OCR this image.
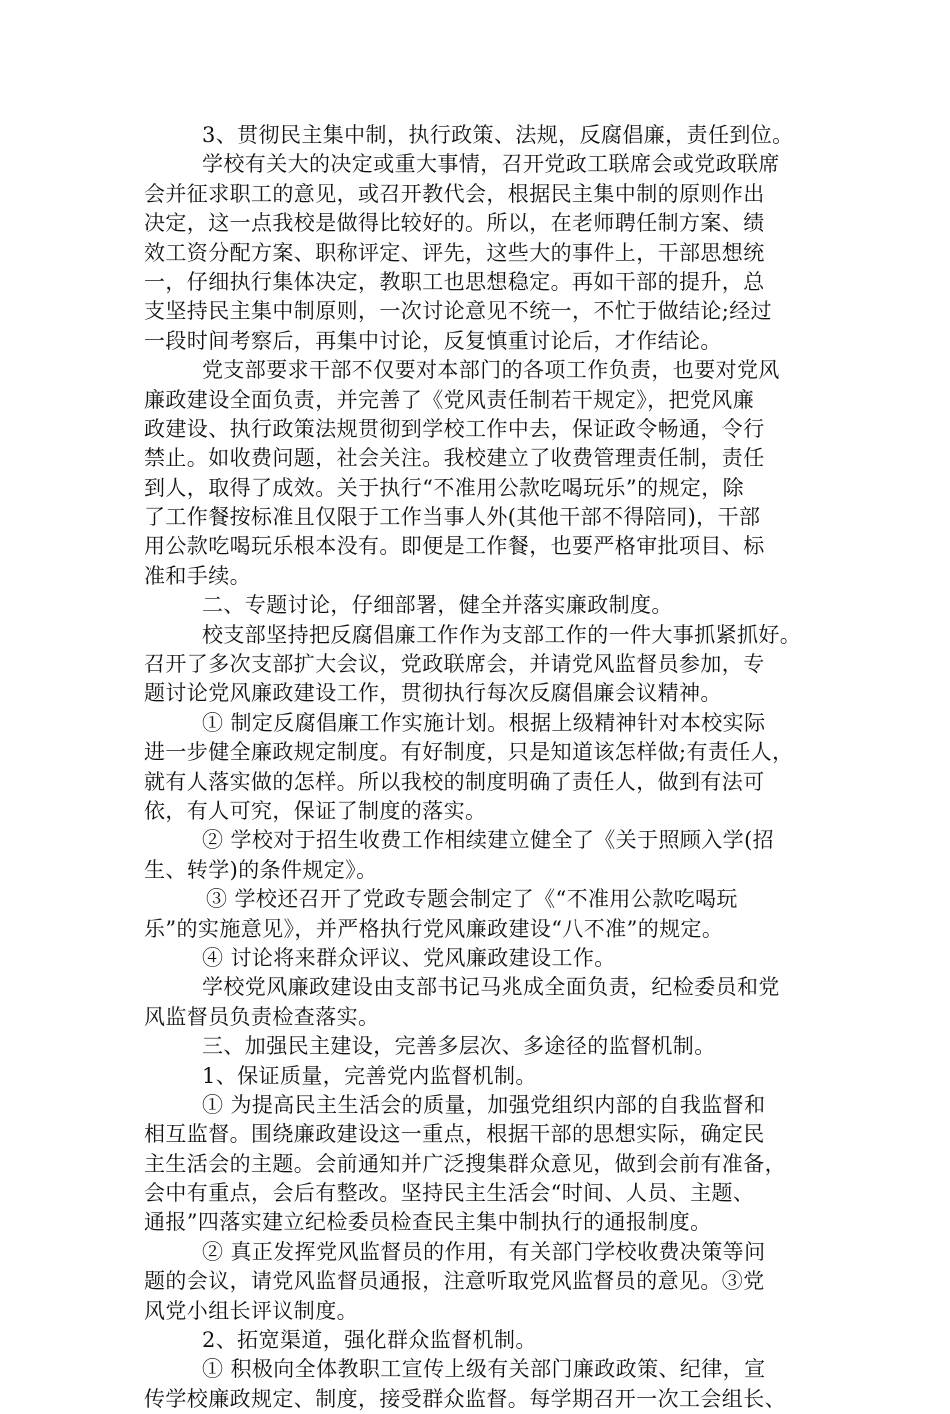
3、贯彻民主集中制，执行政策、法规，反腐倡廉，责任到位。
学校有关大的决定或重大事情，召开党政工联席会或党政联席
会并征求职工的意见，或召开教代会，根据民主集中制的原则作出
决定，这一点我校是做得比较好的。所以，在老师聘任制方案、绩
效工资分配方案、职称评定、评先，这些大的事件上，干部思想统
一，仔细执行集体决定，教职工也思想稳定。再如干部的提升，总
支坚持民主集中制原则，一次讨论意见不统一，不忙于做结论;经过
一段时间考察后，再集中讨论，反复慎重讨论后，才作结论。
党支部要求干部不仅要对本部门的各项工作负责，也要对党风
廉政建设全面负责，并完善了《党风责任制若干规定》，把党风廉
政建设、执行政策法规贯彻到学校工作中去，保证政令畅通，令行
禁止。如收费问题，社会关注。我校建立了收费管理责任制，责任
到人，取得了成效。关于执行“不准用公款吃喝玩乐”的规定，除
了工作餐按标准且仅限于工作当事人外(其他干部不得陪同)，干部
用公款吃喝玩乐根本没有。即便是工作餐，也要严格审批项目、标
准和手续。
二、专题讨论，仔细部署，健全并落实廉政制度。
校支部坚持把反腐倡廉工作作为支部工作的一件大事抓紧抓好。
召开了多次支部扩大会议，党政联席会，并请党风监督员参加，专
题讨论党风廉政建设工作，贯彻执行每次反腐倡廉会议精神。
① 制定反腐倡廉工作实施计划。根据上级精神针对本校实际
进一步健全廉政规定制度。有好制度，只是知道该怎样做;有责任人，
就有人落实做的怎样。所以我校的制度明确了责任人，做到有法可
依，有人可究，保证了制度的落实。
② 学校对于招生收费工作相续建立健全了《关于照顾入学(招
生、转学)的条件规定》。
③ 学校还召开了党政专题会制定了《“不准用公款吃喝玩
乐”的实施意见》，并严格执行党风廉政建设“八不准”的规定。
④ 讨论将来群众评议、党风廉政建设工作。
学校党风廉政建设由支部书记马兆成全面负责，纪检委员和党
风监督员负责检查落实。
三、加强民主建设，完善多层次、多途径的监督机制。
1、保证质量，完善党内监督机制。
① 为提高民主生活会的质量，加强党组织内部的自我监督和
相互监督。围绕廉政建设这一重点，根据干部的思想实际，确定民
主生活会的主题。会前通知并广泛搜集群众意见，做到会前有准备，
会中有重点，会后有整改。坚持民主生活会“时间、人员、主题、
通报”四落实建立纪检委员检查民主集中制执行的通报制度。
② 真正发挥党风监督员的作用，有关部门学校收费决策等问
题的会议，请党风监督员通报，注意听取党风监督员的意见。③党
风党小组长评议制度。
2、拓宽渠道，强化群众监督机制。
① 积极向全体教职工宣传上级有关部门廉政政策、纪律，宣
传学校廉政规定、制度，接受群众监督。每学期召开一次工会组长、
